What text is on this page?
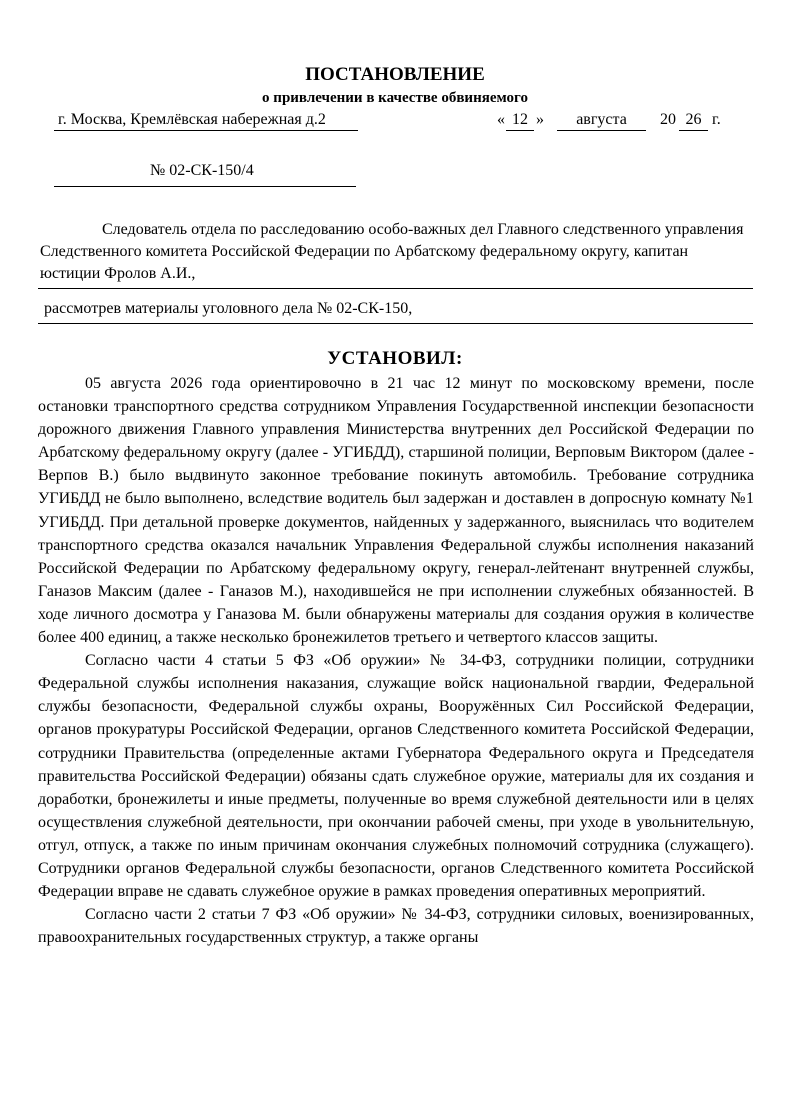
ПОСТАНОВЛЕНИЕ
о привлечении в качестве обвиняемого
г. Москва, Кремлёвская набережная д.2	« 12 »	августа	20 26 г.
№ 02-СК-150/4

Следователь отдела по расследованию особо-важных дел Главного следственного управления Следственного комитета Российской Федерации по Арбатскому федеральному округу, капитан юстиции Фролов А.И.,

рассмотрев материалы уголовного дела № 02-СК-150,
УСТАНОВИЛ:

05 августа 2026 года ориентировочно в 21 час 12 минут по московскому времени, после остановки транспортного средства сотрудником Управления Государственной инспекции безопасности дорожного движения Главного управления Министерства внутренних дел Российской Федерации по Арбатскому федеральному округу (далее - УГИБДД), старшиной полиции, Верповым Виктором (далее - Верпов В.) было выдвинуто законное требование покинуть автомобиль. Требование сотрудника УГИБДД не было выполнено, вследствие водитель был задержан и доставлен в допросную комнату №1 УГИБДД. При детальной проверке документов, найденных у задержанного, выяснилась что водителем транспортного средства оказался начальник Управления Федеральной службы исполнения наказаний Российской Федерации по Арбатскому федеральному округу, генерал-лейтенант внутренней службы, Ганазов Максим (далее - Ганазов М.), находившейся не при исполнении служебных обязанностей. В ходе личного досмотра у Ганазова М. были обнаружены материалы для создания оружия в количестве более 400 единиц, а также несколько бронежилетов третьего и четвертого классов защиты.

Согласно части 4 статьи 5 ФЗ «Об оружии» № 34-ФЗ, сотрудники полиции, сотрудники Федеральной службы исполнения наказания, служащие войск национальной гвардии, Федеральной службы безопасности, Федеральной службы охраны, Вооружённых Сил Российской Федерации, органов прокуратуры Российской Федерации, органов Следственного комитета Российской Федерации, сотрудники Правительства (определенные актами Губернатора Федерального округа и Председателя правительства Российской Федерации) обязаны сдать служебное оружие, материалы для их создания и доработки, бронежилеты и иные предметы, полученные во время служебной деятельности или в целях осуществления служебной деятельности, при окончании рабочей смены, при уходе в увольнительную, отгул, отпуск, а также по иным причинам окончания служебных полномочий сотрудника (служащего). Сотрудники органов Федеральной службы безопасности, органов Следственного комитета Российской Федерации вправе не сдавать служебное оружие в рамках проведения оперативных мероприятий.

Согласно части 2 статьи 7 ФЗ «Об оружии» № 34-ФЗ, сотрудники силовых, военизированных, правоохранительных государственных структур, а также органы
